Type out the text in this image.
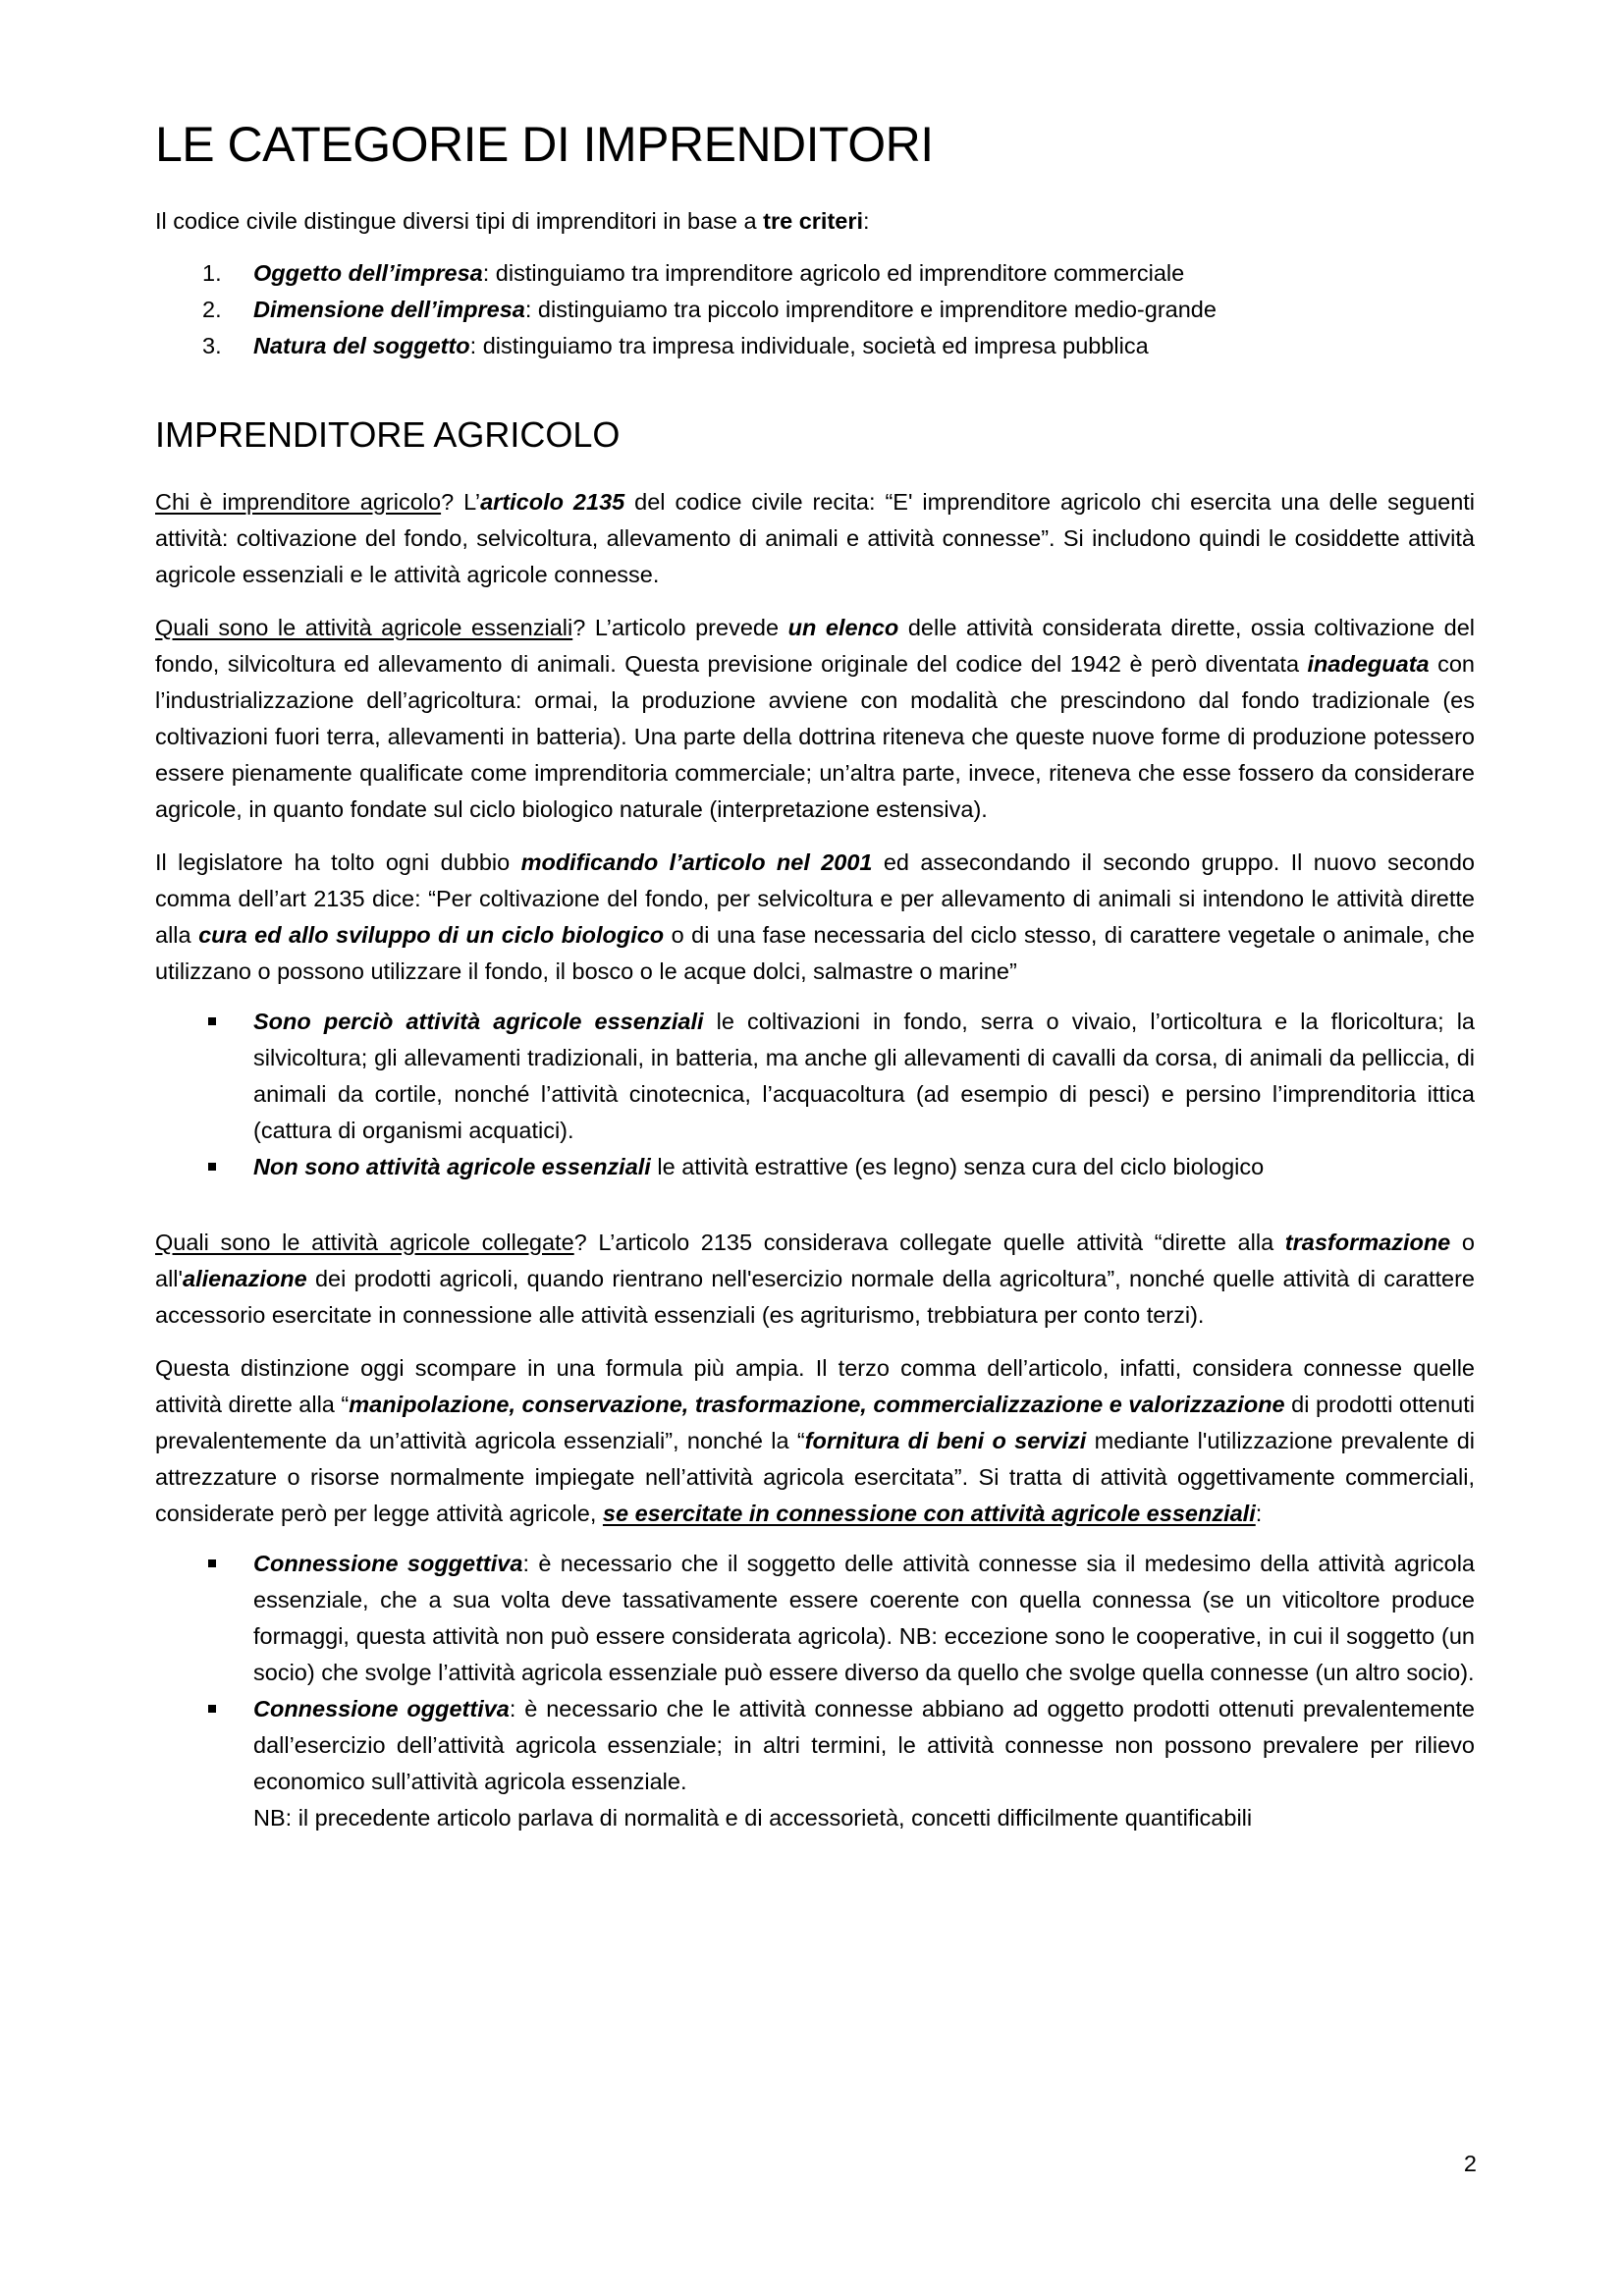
LE CATEGORIE DI IMPRENDITORI

Il codice civile distingue diversi tipi di imprenditori in base a tre criteri:

1. Oggetto dell’impresa: distinguiamo tra imprenditore agricolo ed imprenditore commerciale
2. Dimensione dell’impresa: distinguiamo tra piccolo imprenditore e imprenditore medio-grande
3. Natura del soggetto: distinguiamo tra impresa individuale, società ed impresa pubblica
IMPRENDITORE AGRICOLO

Chi è imprenditore agricolo? L’articolo 2135 del codice civile recita: “E' imprenditore agricolo chi esercita una delle seguenti attività: coltivazione del fondo, selvicoltura, allevamento di animali e attività connesse”. Si includono quindi le cosiddette attività agricole essenziali e le attività agricole connesse.

Quali sono le attività agricole essenziali? L’articolo prevede un elenco delle attività considerata dirette, ossia coltivazione del fondo, silvicoltura ed allevamento di animali. Questa previsione originale del codice del 1942 è però diventata inadeguata con l’industrializzazione dell’agricoltura: ormai, la produzione avviene con modalità che prescindono dal fondo tradizionale (es coltivazioni fuori terra, allevamenti in batteria). Una parte della dottrina riteneva che queste nuove forme di produzione potessero essere pienamente qualificate come imprenditoria commerciale; un’altra parte, invece, riteneva che esse fossero da considerare agricole, in quanto fondate sul ciclo biologico naturale (interpretazione estensiva).

Il legislatore ha tolto ogni dubbio modificando l’articolo nel 2001 ed assecondando il secondo gruppo. Il nuovo secondo comma dell’art 2135 dice: “Per coltivazione del fondo, per selvicoltura e per allevamento di animali si intendono le attività dirette alla cura ed allo sviluppo di un ciclo biologico o di una fase necessaria del ciclo stesso, di carattere vegetale o animale, che utilizzano o possono utilizzare il fondo, il bosco o le acque dolci, salmastre o marine”

Sono perciò attività agricole essenziali le coltivazioni in fondo, serra o vivaio, l’orticoltura e la floricoltura; la silvicoltura; gli allevamenti tradizionali, in batteria, ma anche gli allevamenti di cavalli da corsa, di animali da pelliccia, di animali da cortile, nonché l’attività cinotecnica, l’acquacoltura (ad esempio di pesci) e persino l’imprenditoria ittica (cattura di organismi acquatici).
Non sono attività agricole essenziali le attività estrattive (es legno) senza cura del ciclo biologico

Quali sono le attività agricole collegate? L’articolo 2135 considerava collegate quelle attività “dirette alla trasformazione o all'alienazione dei prodotti agricoli, quando rientrano nell'esercizio normale della agricoltura”, nonché quelle attività di carattere accessorio esercitate in connessione alle attività essenziali (es agriturismo, trebbiatura per conto terzi).

Questa distinzione oggi scompare in una formula più ampia. Il terzo comma dell’articolo, infatti, considera connesse quelle attività dirette alla “manipolazione, conservazione, trasformazione, commercializzazione e valorizzazione di prodotti ottenuti prevalentemente da un’attività agricola essenziali”, nonché la “fornitura di beni o servizi mediante l'utilizzazione prevalente di attrezzature o risorse normalmente impiegate nell’attività agricola esercitata”. Si tratta di attività oggettivamente commerciali, considerate però per legge attività agricole, se esercitate in connessione con attività agricole essenziali:

Connessione soggettiva: è necessario che il soggetto delle attività connesse sia il medesimo della attività agricola essenziale, che a sua volta deve tassativamente essere coerente con quella connessa (se un viticoltore produce formaggi, questa attività non può essere considerata agricola). NB: eccezione sono le cooperative, in cui il soggetto (un socio) che svolge l’attività agricola essenziale può essere diverso da quello che svolge quella connesse (un altro socio).
Connessione oggettiva: è necessario che le attività connesse abbiano ad oggetto prodotti ottenuti prevalentemente dall’esercizio dell’attività agricola essenziale; in altri termini, le attività connesse non possono prevalere per rilievo economico sull’attività agricola essenziale.
NB: il precedente articolo parlava di normalità e di accessorietà, concetti difficilmente quantificabili
2
